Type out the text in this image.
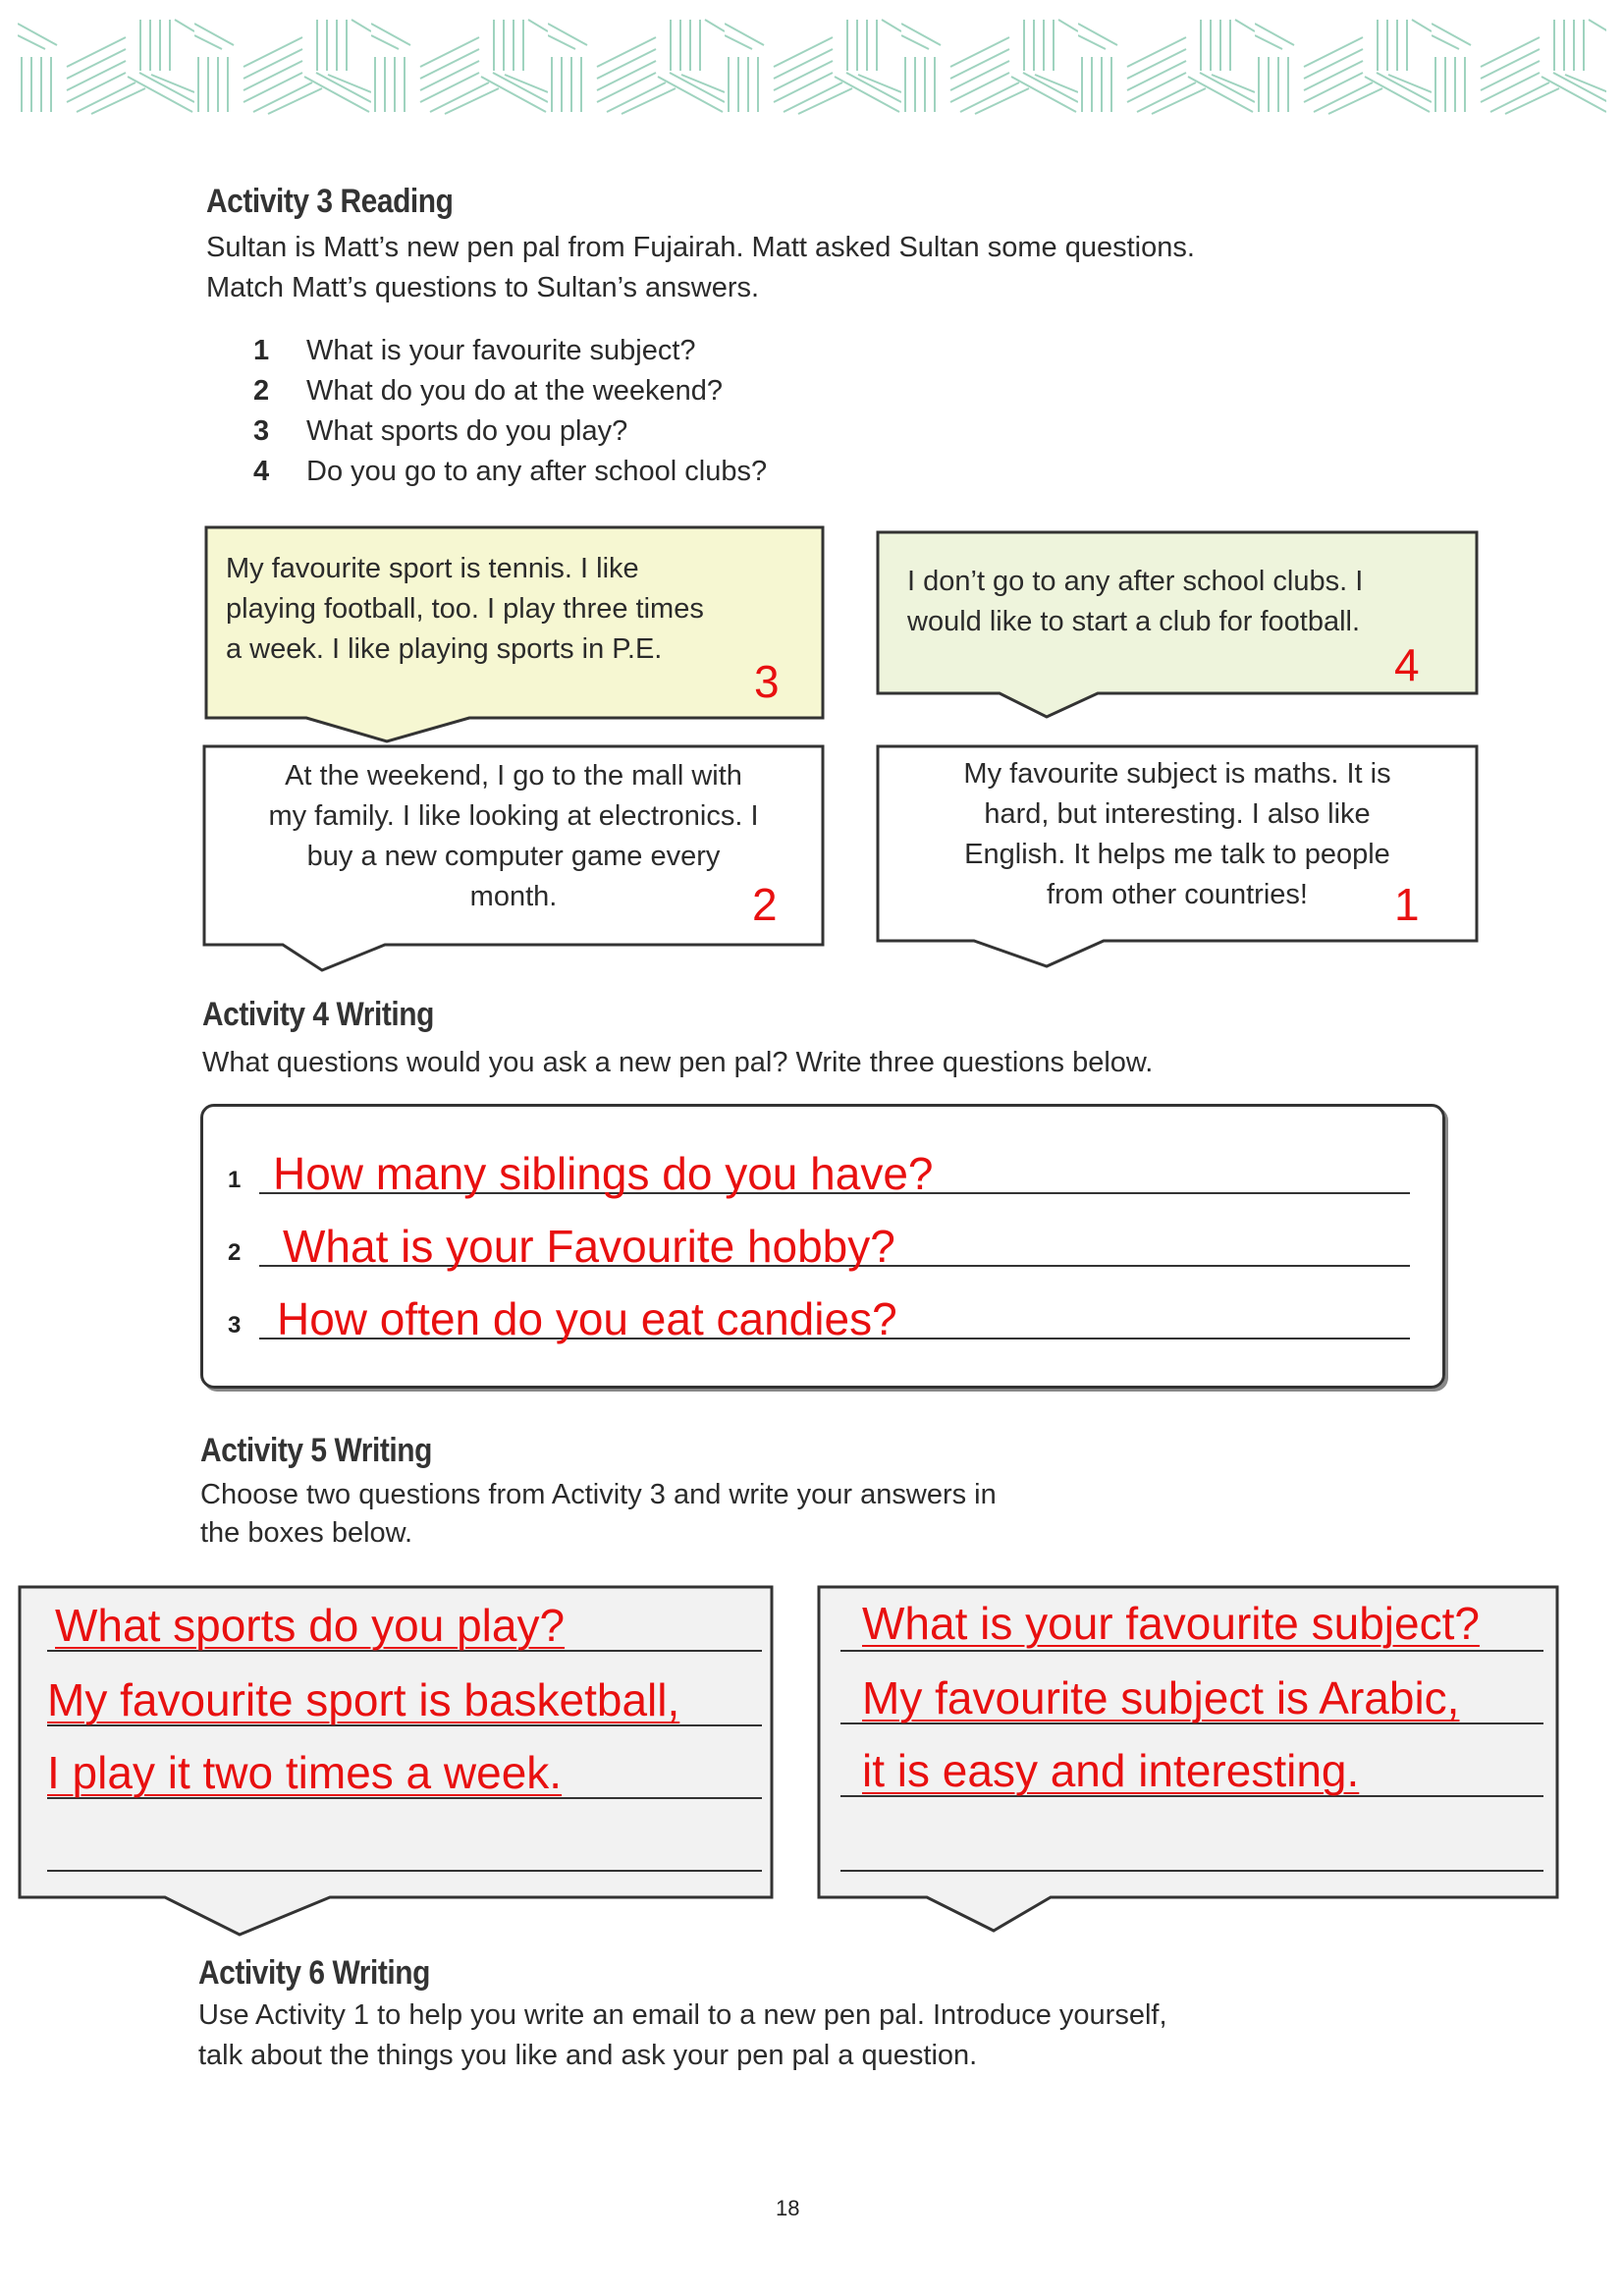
Activity 3 Reading
Sultan is Matt’s new pen pal from Fujairah. Matt asked Sultan some questions.
Match Matt’s questions to Sultan’s answers.
1	What is your favourite subject?
2	What do you do at the weekend?
3	What sports do you play?
4	Do you go to any after school clubs?
My favourite sport is tennis. I like
playing football, too. I play three times
a week. I like playing sports in P.E.
3
I don’t go to any after school clubs. I
would like to start a club for football.
4
At the weekend, I go to the mall with
my family. I like looking at electronics. I
buy a new computer game every
month.	2
My favourite subject is maths. It is
hard, but interesting. I also like
English. It helps me talk to people
from other countries!	1
Activity 4 Writing
What questions would you ask a new pen pal? Write three questions below.
1 How many siblings do you have?
2 What is your Favourite hobby?
3 How often do you eat candies?
Activity 5 Writing
Choose two questions from Activity 3 and write your answers in
the boxes below.
What sports do you play?
My favourite sport is basketball,
I play it two times a week.
What is your favourite subject?
My favourite subject is Arabic,
it is easy and interesting.
Activity 6 Writing
Use Activity 1 to help you write an email to a new pen pal. Introduce yourself,
talk about the things you like and ask your pen pal a question.
18
